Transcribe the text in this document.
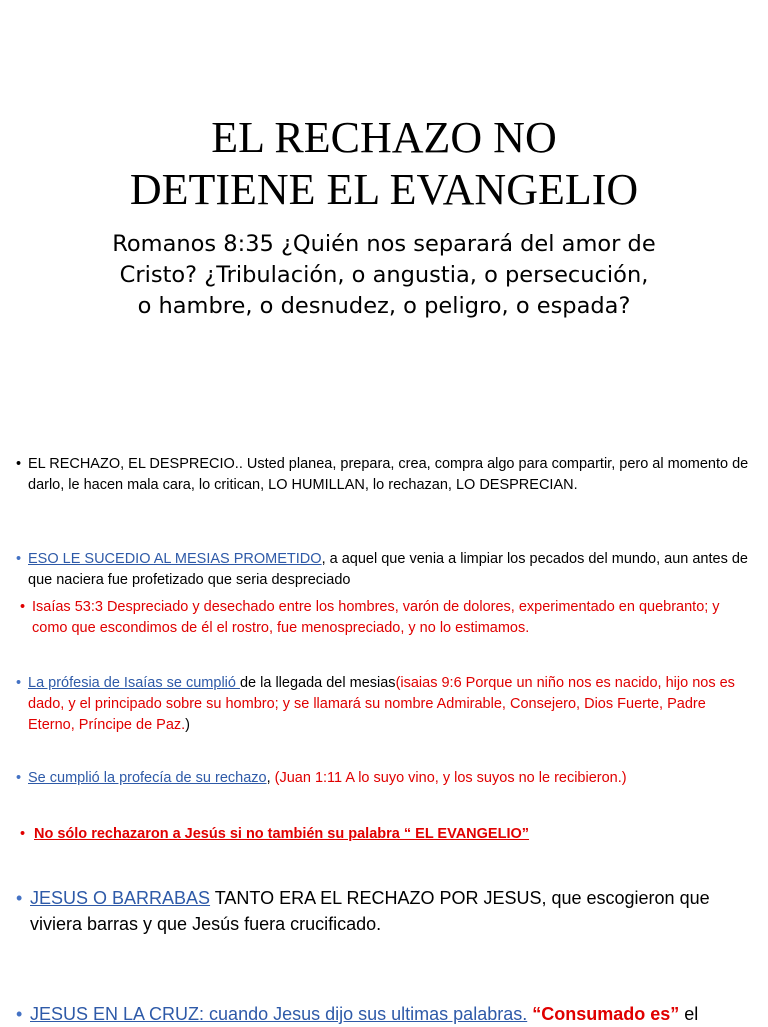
EL RECHAZO NO
DETIENE EL EVANGELIO
Romanos 8:35 ¿Quién nos separará del amor de
Cristo? ¿Tribulación, o angustia, o persecución,
o hambre, o desnudez, o peligro, o espada?
• EL RECHAZO, EL DESPRECIO.. Usted planea, prepara, crea, compra algo para compartir, pero al momento de darlo, le hacen mala cara, lo critican, LO HUMILLAN, lo rechazan, LO DESPRECIAN.
• ESO LE SUCEDIO AL MESIAS PROMETIDO, a aquel que venia a limpiar los pecados del mundo, aun antes de que naciera fue profetizado que seria despreciado
• Isaías 53:3 Despreciado y desechado entre los hombres, varón de dolores, experimentado en quebranto; y como que escondimos de él el rostro, fue menospreciado, y no lo estimamos.
• La prófesia de Isaías se cumplió de la llegada del mesias(isaias 9:6 Porque un niño nos es nacido, hijo nos es dado, y el principado sobre su hombro; y se llamará su nombre Admirable, Consejero, Dios Fuerte, Padre Eterno, Príncipe de Paz.)
• Se cumplió la profecía de su rechazo, (Juan 1:11 A lo suyo vino, y los suyos no le recibieron.)
• No sólo rechazaron a Jesús si no también su palabra “ EL EVANGELIO”
• JESUS O BARRABAS TANTO ERA EL RECHAZO POR JESUS, que escogieron que viviera barras y que Jesús fuera crucificado.
• JESUS EN LA CRUZ: cuando Jesus dijo sus ultimas palabras. “Consumado es” el
